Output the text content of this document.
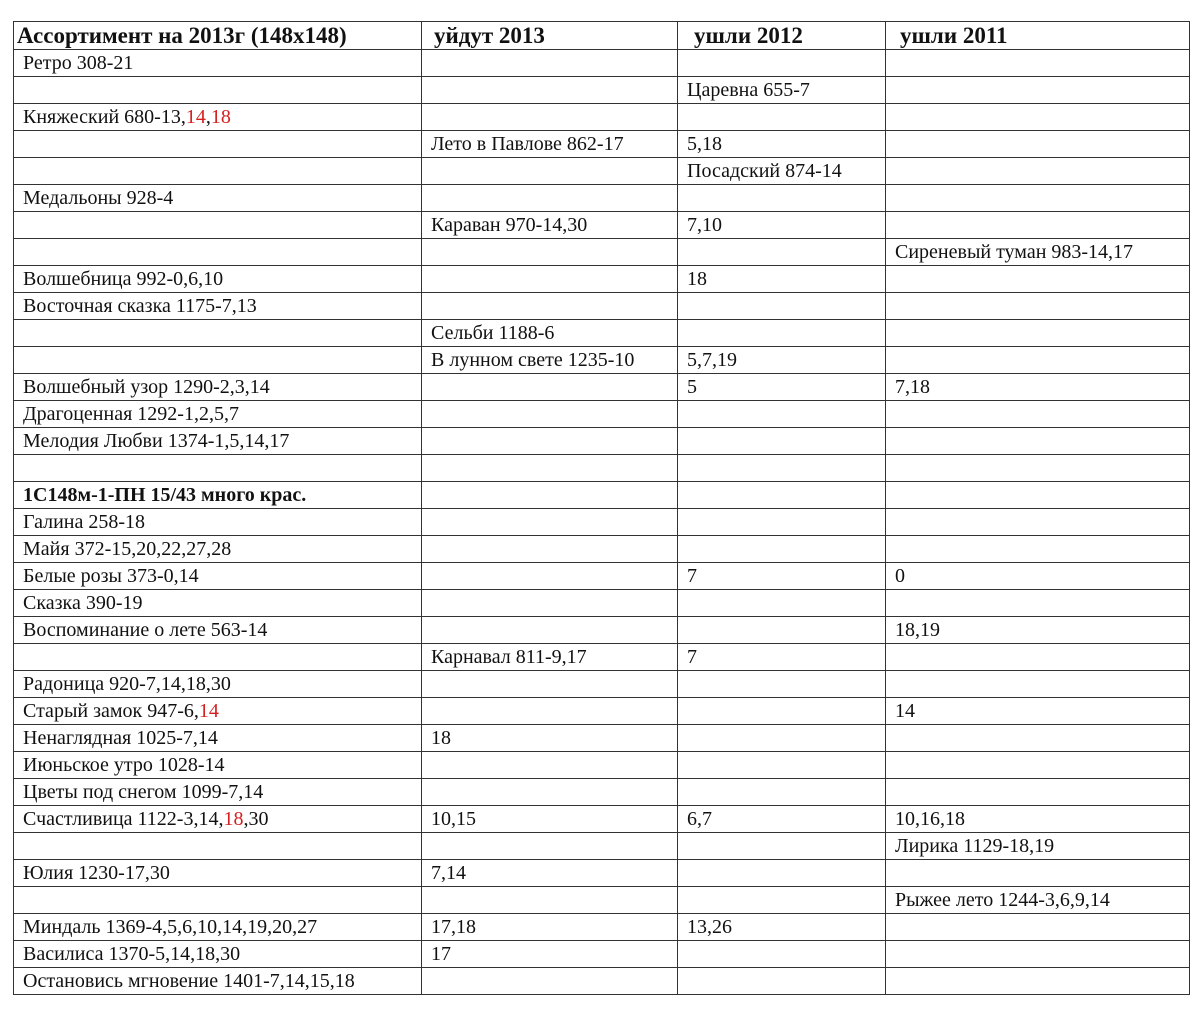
Ассортимент на 2013г (148х148)	уйдут 2013	ушли 2012	ушли 2011
Ретро 308-21			
		Царевна 655-7	
Княжеский 680-13,14,18			
	Лето в Павлове 862-17	5,18	
		Посадский 874-14	
Медальоны 928-4			
	Караван 970-14,30	7,10	
			Сиреневый туман 983-14,17
Волшебница 992-0,6,10		18	
Восточная сказка 1175-7,13			
	Сельби 1188-6		
	В лунном свете 1235-10	5,7,19	
Волшебный узор 1290-2,3,14		5	7,18
Драгоценная 1292-1,2,5,7			
Мелодия Любви 1374-1,5,14,17			

1С148м-1-ПН 15/43 много крас.			
Галина 258-18			
Майя 372-15,20,22,27,28			
Белые розы 373-0,14		7	0
Сказка 390-19			
Воспоминание о лете 563-14			18,19
	Карнавал 811-9,17	7	
Радоница 920-7,14,18,30			
Старый замок 947-6,14			14
Ненаглядная 1025-7,14	18		
Июньское утро 1028-14			
Цветы под снегом 1099-7,14			
Счастливица 1122-3,14,18,30	10,15	6,7	10,16,18
			Лирика 1129-18,19
Юлия 1230-17,30	7,14		
			Рыжее лето 1244-3,6,9,14
Миндаль 1369-4,5,6,10,14,19,20,27	17,18	13,26	
Василиса 1370-5,14,18,30	17		
Остановись мгновение 1401-7,14,15,18			
